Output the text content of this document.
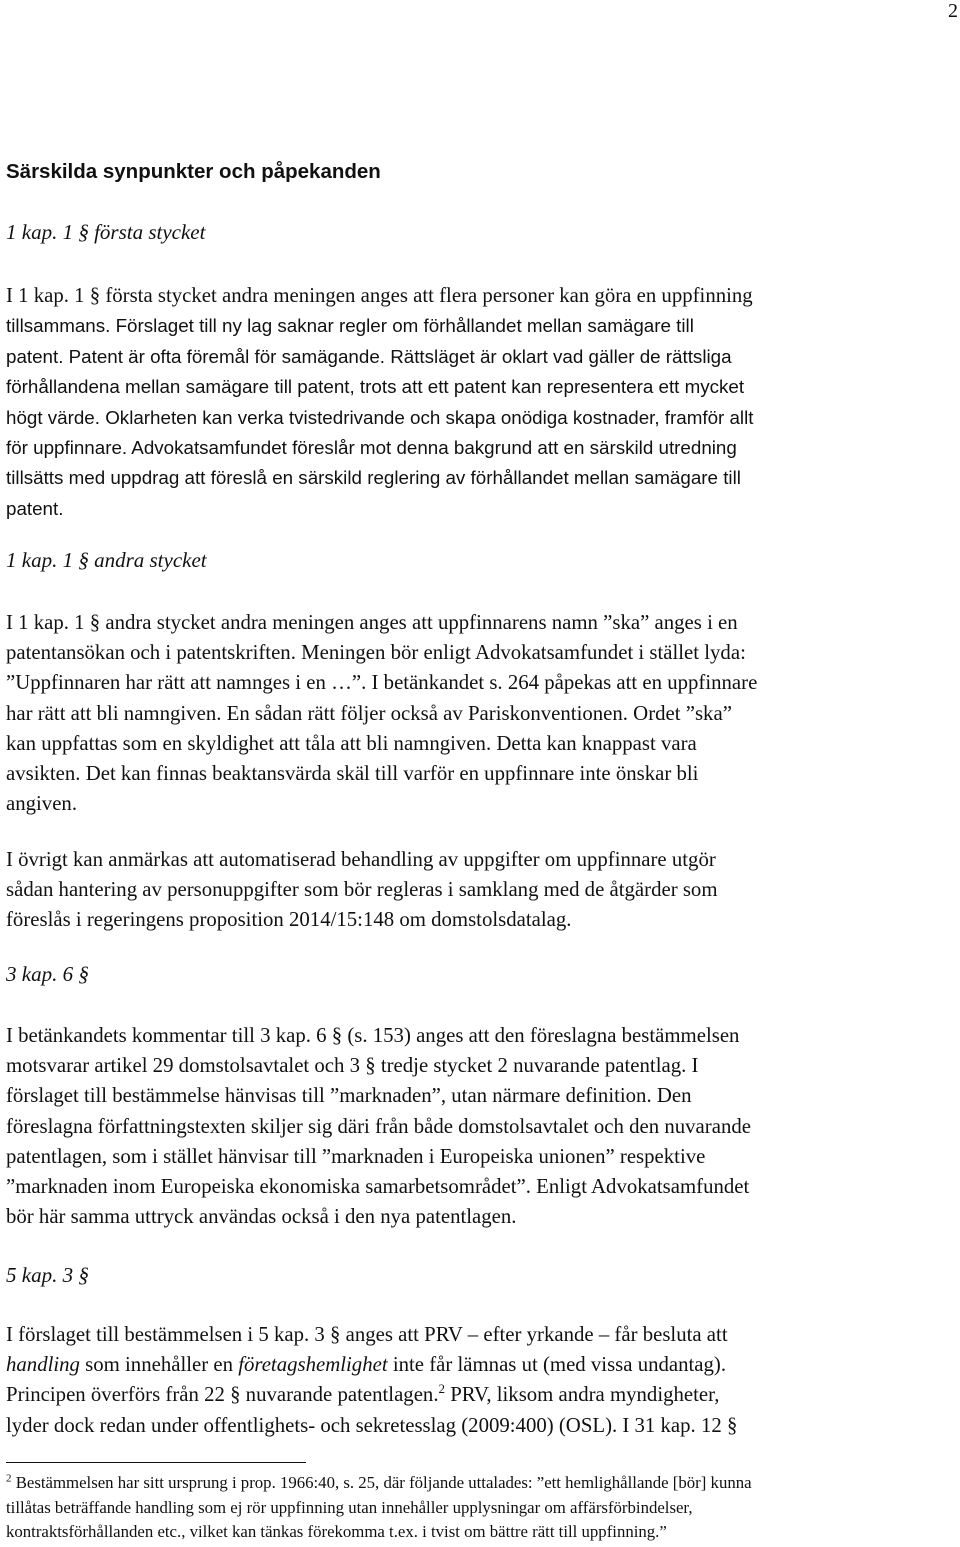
2
Särskilda synpunkter och påpekanden
1 kap. 1 § första stycket
I 1 kap. 1 § första stycket andra meningen anges att flera personer kan göra en uppfinning
tillsammans. Förslaget till ny lag saknar regler om förhållandet mellan samägare till
patent. Patent är ofta föremål för samägande. Rättsläget är oklart vad gäller de rättsliga
förhållandena mellan samägare till patent, trots att ett patent kan representera ett mycket
högt värde. Oklarheten kan verka tvistedrivande och skapa onödiga kostnader, framför allt
för uppfinnare. Advokatsamfundet föreslår mot denna bakgrund att en särskild utredning
tillsätts med uppdrag att föreslå en särskild reglering av förhållandet mellan samägare till
patent.
1 kap. 1 § andra stycket
I 1 kap. 1 § andra stycket andra meningen anges att uppfinnarens namn ”ska” anges i en
patentansökan och i patentskriften. Meningen bör enligt Advokatsamfundet i stället lyda:
”Uppfinnaren har rätt att namnges i en …”. I betänkandet s. 264 påpekas att en uppfinnare
har rätt att bli namngiven. En sådan rätt följer också av Pariskonventionen. Ordet ”ska”
kan uppfattas som en skyldighet att tåla att bli namngiven. Detta kan knappast vara
avsikten. Det kan finnas beaktansvärda skäl till varför en uppfinnare inte önskar bli
angiven.
I övrigt kan anmärkas att automatiserad behandling av uppgifter om uppfinnare utgör
sådan hantering av personuppgifter som bör regleras i samklang med de åtgärder som
föreslås i regeringens proposition 2014/15:148 om domstolsdatalag.
3 kap. 6 §
I betänkandets kommentar till 3 kap. 6 § (s. 153) anges att den föreslagna bestämmelsen
motsvarar artikel 29 domstolsavtalet och 3 § tredje stycket 2 nuvarande patentlag. I
förslaget till bestämmelse hänvisas till ”marknaden”, utan närmare definition. Den
föreslagna författningstexten skiljer sig däri från både domstolsavtalet och den nuvarande
patentlagen, som i stället hänvisar till ”marknaden i Europeiska unionen” respektive
”marknaden inom Europeiska ekonomiska samarbetsområdet”. Enligt Advokatsamfundet
bör här samma uttryck användas också i den nya patentlagen.
5 kap. 3 §
I förslaget till bestämmelsen i 5 kap. 3 § anges att PRV – efter yrkande – får besluta att
handling som innehåller en företagshemlighet inte får lämnas ut (med vissa undantag).
Principen överförs från 22 § nuvarande patentlagen.$^2$ PRV, liksom andra myndigheter,
lyder dock redan under offentlighets- och sekretesslag (2009:400) (OSL). I 31 kap. 12 §
$^2$ Bestämmelsen har sitt ursprung i prop. 1966:40, s. 25, där följande uttalades: ”ett hemlighållande [bör] kunna
tillåtas beträffande handling som ej rör uppfinning utan innehåller upplysningar om affärsförbindelser,
kontraktsförhållanden etc., vilket kan tänkas förekomma t.ex. i tvist om bättre rätt till uppfinning.”
